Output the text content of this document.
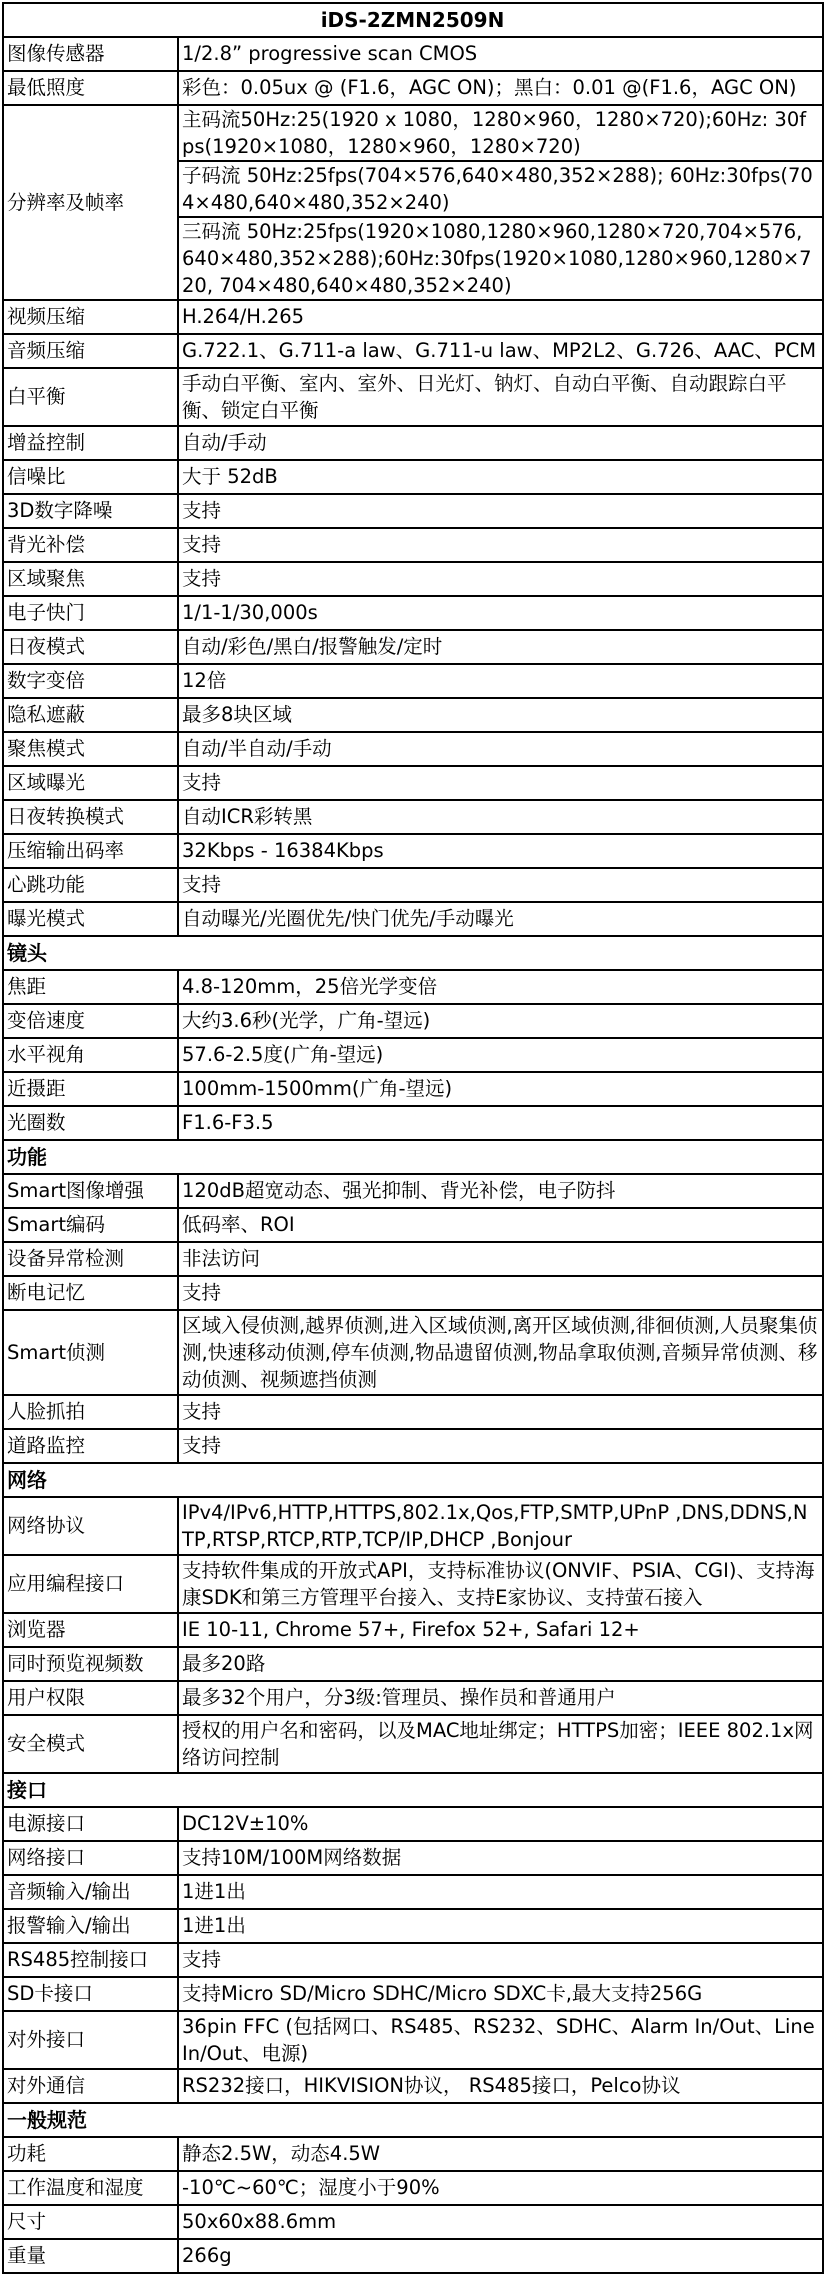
iDS-2ZMN2509N	
图像传感器	1/2.8” progressive scan CMOS
最低照度	彩色：0.05ux @ (F1.6，AGC ON)；黑白：0.01 @(F1.6，AGC ON)
分辨率及帧率	主码流50Hz:25(1920 x 1080，1280×960，1280×720);60Hz: 30fps(1920×1080，1280×960，1280×720)
	子码流 50Hz:25fps(704×576,640×480,352×288); 60Hz:30fps(704×480,640×480,352×240)
	三码流 50Hz:25fps(1920×1080,1280×960,1280×720,704×576, 640×480,352×288);60Hz:30fps(1920×1080,1280×960,1280×720, 704×480,640×480,352×240)
视频压缩	H.264/H.265
音频压缩	G.722.1、G.711-a law、G.711-u law、MP2L2、G.726、AAC、PCM
白平衡	手动白平衡、室内、室外、日光灯、钠灯、自动白平衡、自动跟踪白平衡、锁定白平衡
增益控制	自动/手动
信噪比	大于 52dB
3D数字降噪	支持
背光补偿	支持
区域聚焦	支持
电子快门	1/1-1/30,000s
日夜模式	自动/彩色/黑白/报警触发/定时
数字变倍	12倍
隐私遮蔽	最多8块区域
聚焦模式	自动/半自动/手动
区域曝光	支持
日夜转换模式	自动ICR彩转黑
压缩输出码率	32Kbps - 16384Kbps
心跳功能	支持
曝光模式	自动曝光/光圈优先/快门优先/手动曝光
镜头	
焦距	4.8-120mm，25倍光学变倍
变倍速度	大约3.6秒(光学，广角-望远)
水平视角	57.6-2.5度(广角-望远)
近摄距	100mm-1500mm(广角-望远)
光圈数	F1.6-F3.5
功能	
Smart图像增强	120dB超宽动态、强光抑制、背光补偿，电子防抖
Smart编码	低码率、ROI
设备异常检测	非法访问
断电记忆	支持
Smart侦测	区域入侵侦测,越界侦测,进入区域侦测,离开区域侦测,徘徊侦测,人员聚集侦测,快速移动侦测,停车侦测,物品遗留侦测,物品拿取侦测,音频异常侦测、移动侦测、视频遮挡侦测
人脸抓拍	支持
道路监控	支持
网络	
网络协议	IPv4/IPv6,HTTP,HTTPS,802.1x,Qos,FTP,SMTP,UPnP ,DNS,DDNS,NTP,RTSP,RTCP,RTP,TCP/IP,DHCP ,Bonjour
应用编程接口	支持软件集成的开放式API，支持标准协议(ONVIF、PSIA、CGI)、支持海康SDK和第三方管理平台接入、支持E家协议、支持萤石接入
浏览器	IE 10-11, Chrome 57+, Firefox 52+, Safari 12+
同时预览视频数	最多20路
用户权限	最多32个用户，分3级:管理员、操作员和普通用户
安全模式	授权的用户名和密码，以及MAC地址绑定；HTTPS加密；IEEE 802.1x网络访问控制
接口	
电源接口	DC12V±10%
网络接口	支持10M/100M网络数据
音频输入/输出	1进1出
报警输入/输出	1进1出
RS485控制接口	支持
SD卡接口	支持Micro SD/Micro SDHC/Micro SDXC卡,最大支持256G
对外接口	36pin FFC (包括网口、RS485、RS232、SDHC、Alarm In/Out、Line In/Out、电源)
对外通信	RS232接口，HIKVISION协议， RS485接口，Pelco协议
一般规范	
功耗	静态2.5W，动态4.5W
工作温度和湿度	-10℃~60℃；湿度小于90%
尺寸	50x60x88.6mm
重量	266g
